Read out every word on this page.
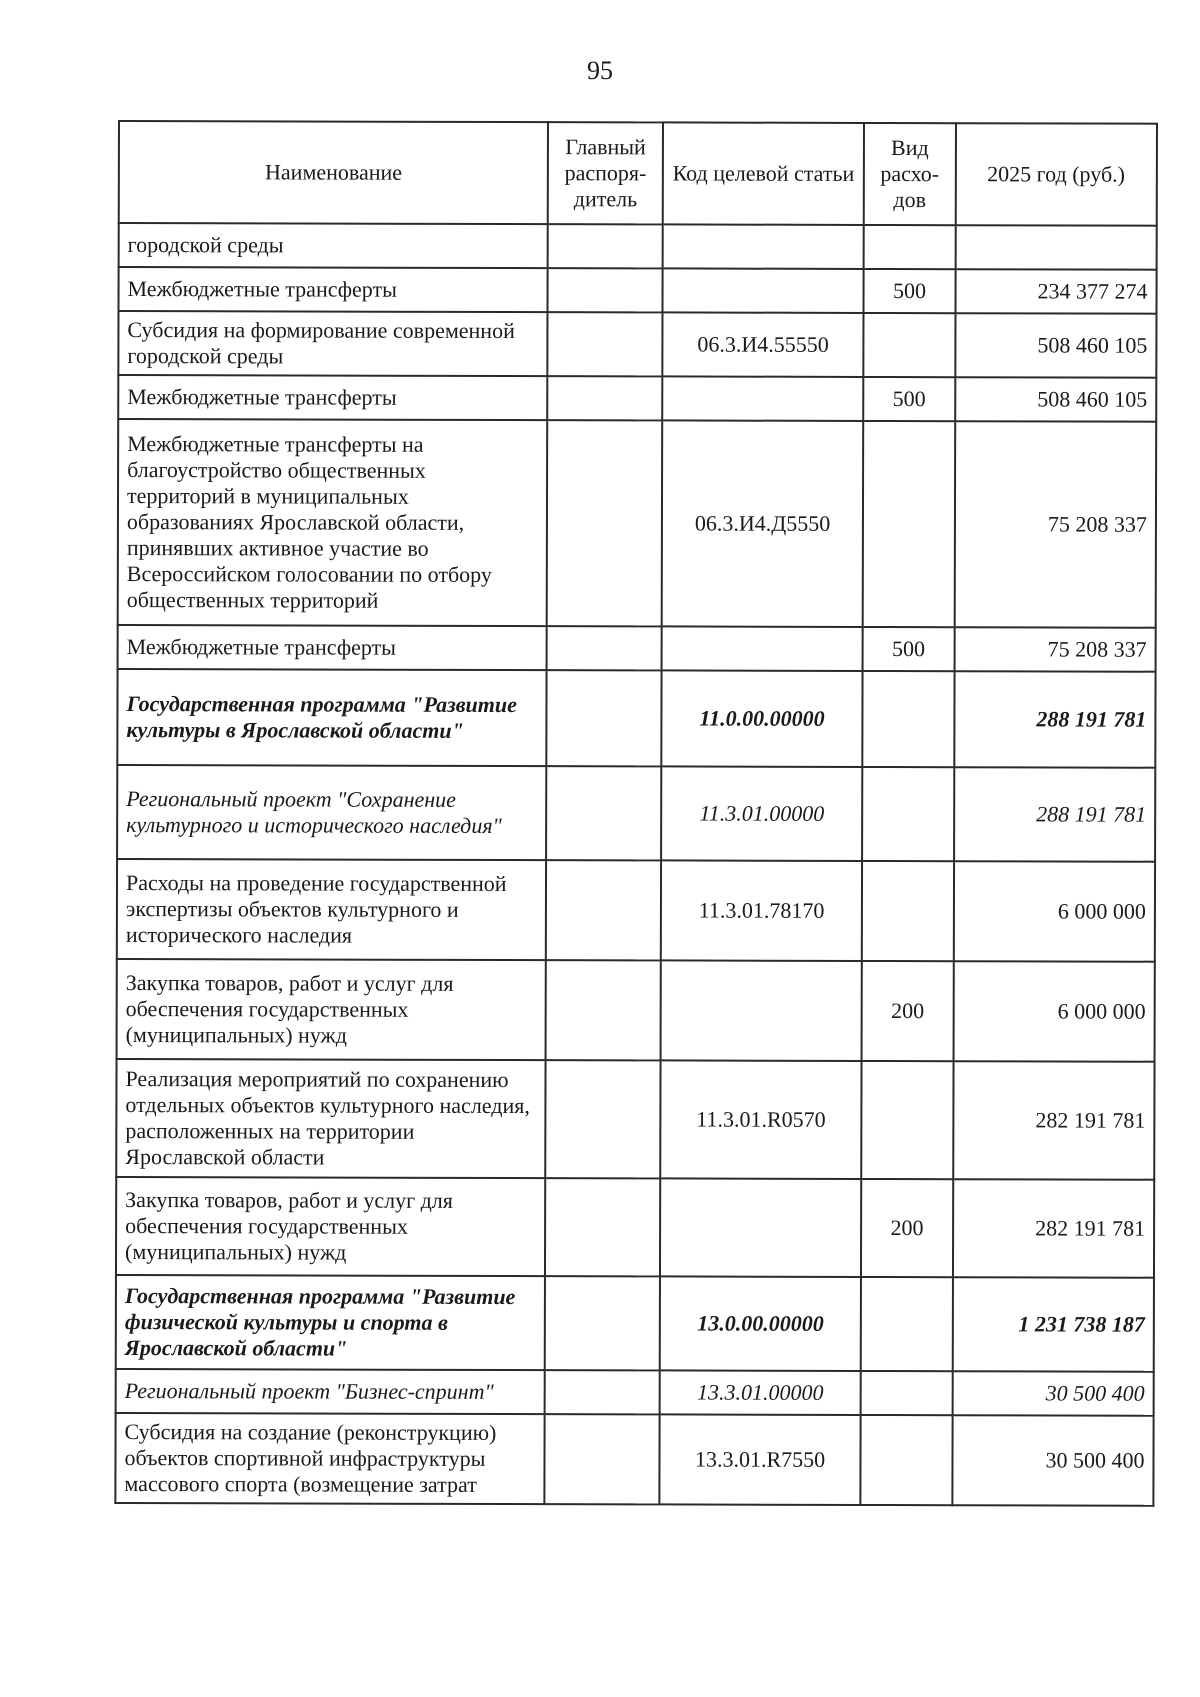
95
Наименование	Главный распоря-дитель	Код целевой статьи	Вид расхо-дов	2025 год (руб.)
городской среды				
Межбюджетные трансферты			500	234 377 274
Субсидия на формирование современной городской среды		06.3.И4.55550		508 460 105
Межбюджетные трансферты			500	508 460 105
Межбюджетные трансферты на благоустройство общественных территорий в муниципальных образованиях Ярославской области, принявших активное участие во Всероссийском голосовании по отбору общественных территорий		06.3.И4.Д5550		75 208 337
Межбюджетные трансферты			500	75 208 337
Государственная программа "Развитие культуры в Ярославской области"		11.0.00.00000		288 191 781
Региональный проект "Сохранение культурного и исторического наследия"		11.3.01.00000		288 191 781
Расходы на проведение государственной экспертизы объектов культурного и исторического наследия		11.3.01.78170		6 000 000
Закупка товаров, работ и услуг для обеспечения государственных (муниципальных) нужд			200	6 000 000
Реализация мероприятий по сохранению отдельных объектов культурного наследия, расположенных на территории Ярославской области		11.3.01.R0570		282 191 781
Закупка товаров, работ и услуг для обеспечения государственных (муниципальных) нужд			200	282 191 781
Государственная программа "Развитие физической культуры и спорта в Ярославской области"		13.0.00.00000		1 231 738 187
Региональный проект "Бизнес-спринт"		13.3.01.00000		30 500 400
Субсидия на создание (реконструкцию) объектов спортивной инфраструктуры массового спорта (возмещение затрат		13.3.01.R7550		30 500 400
